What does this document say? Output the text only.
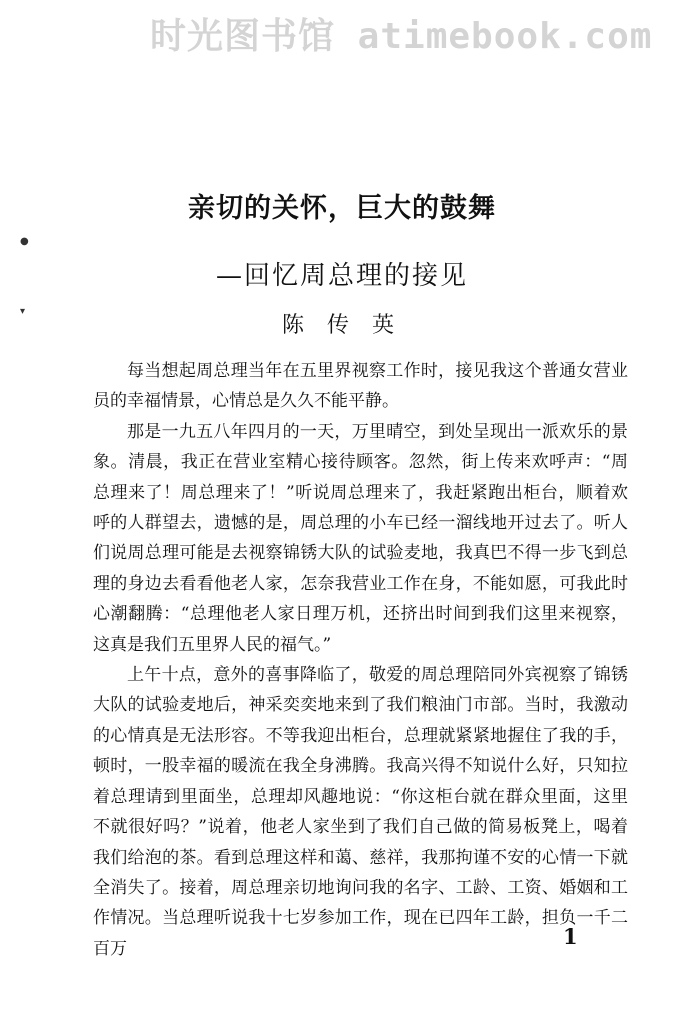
时光图书馆 atimebook.com
●
▾
亲切的关怀，巨大的鼓舞
—回忆周总理的接见
陈 传 英

每当想起周总理当年在五里界视察工作时，接见我这个普通女营业员的幸福情景，心情总是久久不能平静。

那是一九五八年四月的一天，万里晴空，到处呈现出一派欢乐的景象。清晨，我正在营业室精心接待顾客。忽然，街上传来欢呼声：“周总理来了！周总理来了！”听说周总理来了，我赶紧跑出柜台，顺着欢呼的人群望去，遗憾的是，周总理的小车已经一溜线地开过去了。听人们说周总理可能是去视察锦锈大队的试验麦地，我真巴不得一步飞到总理的身边去看看他老人家，怎奈我营业工作在身，不能如愿，可我此时心潮翻腾：“总理他老人家日理万机，还挤出时间到我们这里来视察，这真是我们五里界人民的福气。”

上午十点，意外的喜事降临了，敬爱的周总理陪同外宾视察了锦锈大队的试验麦地后，神采奕奕地来到了我们粮油门市部。当时，我激动的心情真是无法形容。不等我迎出柜台，总理就紧紧地握住了我的手，顿时，一股幸福的暖流在我全身沸腾。我高兴得不知说什么好，只知拉着总理请到里面坐，总理却风趣地说：“你这柜台就在群众里面，这里不就很好吗？”说着，他老人家坐到了我们自己做的简易板凳上，喝着我们给泡的茶。看到总理这样和蔼、慈祥，我那拘谨不安的心情一下就全消失了。接着，周总理亲切地询问我的名字、工龄、工资、婚姻和工作情况。当总理听说我十七岁参加工作，现在已四年工龄，担负一千二百万	1
